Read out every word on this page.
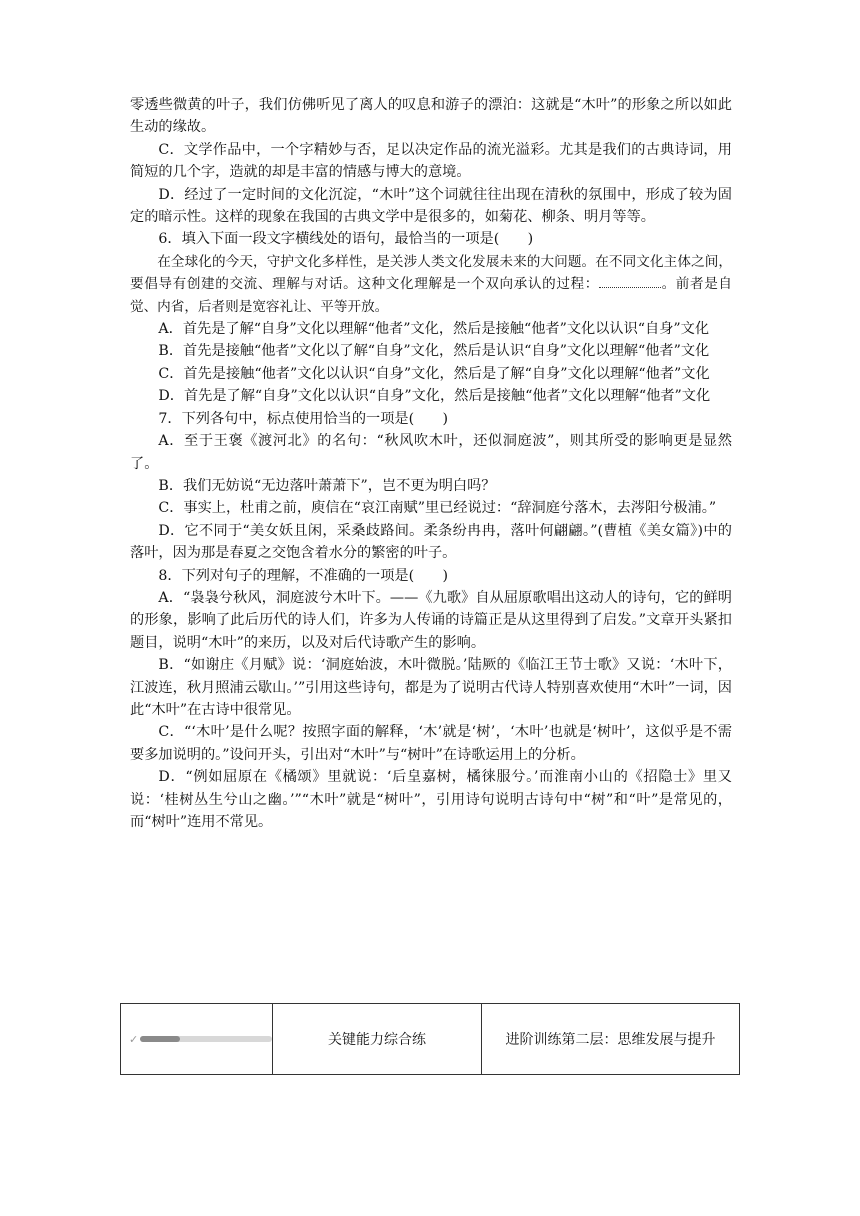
零透些微黄的叶子，我们仿佛听见了离人的叹息和游子的漂泊：这就是“木叶”的形象之所以如此生动的缘故。

C．文学作品中，一个字精妙与否，足以决定作品的流光溢彩。尤其是我们的古典诗词，用简短的几个字，造就的却是丰富的情感与博大的意境。

D．经过了一定时间的文化沉淀，“木叶”这个词就往往出现在清秋的氛围中，形成了较为固定的暗示性。这样的现象在我国的古典文学中是很多的，如菊花、柳条、明月等等。

6．填入下面一段文字横线处的语句，最恰当的一项是(　　)

在全球化的今天，守护文化多样性，是关涉人类文化发展未来的大问题。在不同文化主体之间，要倡导有创建的交流、理解与对话。这种文化理解是一个双向承认的过程：	。前者是自觉、内省，后者则是宽容礼让、平等开放。

A．首先是了解“自身”文化以理解“他者”文化，然后是接触“他者”文化以认识“自身”文化

B．首先是接触“他者”文化以了解“自身”文化，然后是认识“自身”文化以理解“他者”文化

C．首先是接触“他者”文化以认识“自身”文化，然后是了解“自身”文化以理解“他者”文化

D．首先是了解“自身”文化以认识“自身”文化，然后是接触“他者”文化以理解“他者”文化

7．下列各句中，标点使用恰当的一项是(　　)

A．至于王褒《渡河北》的名句：“秋风吹木叶，还似洞庭波”，则其所受的影响更是显然了。

B．我们无妨说“无边落叶萧萧下”，岂不更为明白吗？

C．事实上，杜甫之前，庾信在“哀江南赋”里已经说过：“辞洞庭兮落木，去涔阳兮极浦。”

D．它不同于“美女妖且闲，采桑歧路间。柔条纷冉冉，落叶何翩翩。”(曹植《美女篇》)中的落叶，因为那是春夏之交饱含着水分的繁密的叶子。

8．下列对句子的理解，不准确的一项是(　　)

A．“袅袅兮秋风，洞庭波兮木叶下。——《九歌》自从屈原歌唱出这动人的诗句，它的鲜明的形象，影响了此后历代的诗人们，许多为人传诵的诗篇正是从这里得到了启发。”文章开头紧扣题目，说明“木叶”的来历，以及对后代诗歌产生的影响。

B．“如谢庄《月赋》说：‘洞庭始波，木叶微脱。’陆厥的《临江王节士歌》又说：‘木叶下，江波连，秋月照浦云歇山。’”引用这些诗句，都是为了说明古代诗人特别喜欢使用“木叶”一词，因此“木叶”在古诗中很常见。

C．“‘木叶’是什么呢？按照字面的解释，‘木’就是‘树’，‘木叶’也就是‘树叶’，这似乎是不需要多加说明的。”设问开头，引出对“木叶”与“树叶”在诗歌运用上的分析。

D．“例如屈原在《橘颂》里就说：‘后皇嘉树，橘徕服兮。’而淮南小山的《招隐士》里又说：‘桂树丛生兮山之幽。’”“木叶”就是“树叶”，引用诗句说明古诗句中“树”和“叶”是常见的，而“树叶”连用不常见。

✓	关键能力综合练	进阶训练第二层：思维发展与提升
